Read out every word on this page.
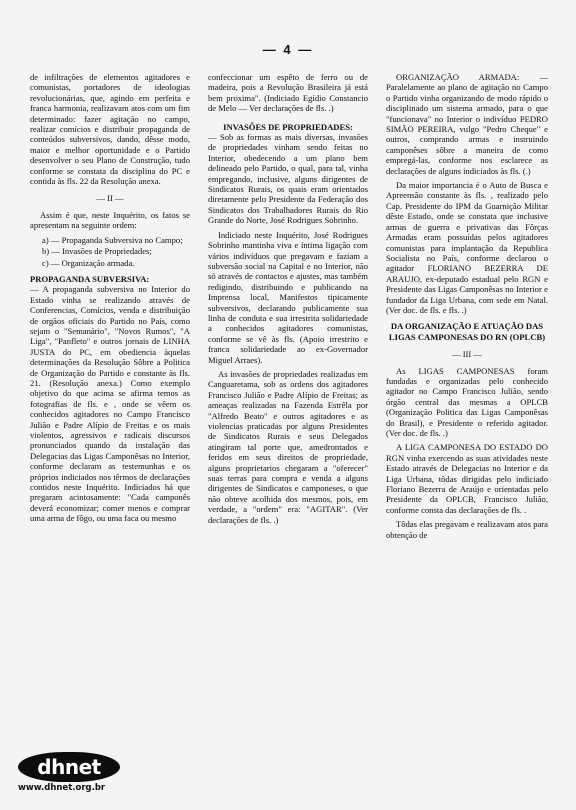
— 4 —

de infiltrações de elementos agitadores e comunistas, portadores de ideologias revolucionárias, que, agindo em perfeita e franca harmonia, realizavam atos com um fim determinado: fazer agitação no campo, realizar comícios e distribuir propaganda de conteúdos subversivos, dando, dêsse modo, maior e melhor oportunidade e o Partido desenvolver o seu Plano de Construção, tudo conforme se constata da disciplina do PC e contida às fls. 22 da Resolução anexa.

— II —

Assim é que, neste Inquérito, os fatos se apresentam na seguinte ordem:

a) — Propaganda Subversiva no Campo;
b) — Invasões de Propriedades;
c) — Organização armada.
PROPAGANDA SUBVERSIVA:

— A propaganda subversiva no Interior do Estado vinha se realizando através de Conferencias, Comícios, venda e distribuição de orgãos oficiais do Partido no País, como sejam o "Semanário", "Novos Rumos", "A Liga", "Panfleto" e outros jornais de LINHA JUSTA do PC, em obediencia àquelas determinações da Resolução Sôbre a Politica de Organização do Partido e constante às fls. 21. (Resolução anexa.) Como exemplo objetivo do que acima se afirma temos as fotografias de fls. e , onde se vêem os conhecidos agitadores no Campo Francisco Julião e Padre Alípio de Freitas e os mais violentos, agressivos e radicais discursos pronunciados quando da instalação das Delegacias das Ligas Camponêsas no Interior, conforme declaram as testemunhas e os próprios indiciados nos têrmos de declarações contidos neste Inquérito. Indiciados há que pregaram acintosamente: "Cada camponês deverá economizar; comer menos e comprar uma arma de fôgo, ou uma faca ou mesmo

confeccionar um espêto de ferro ou de madeira, pois a Revolução Brasileira já está bem proxima". (Indiciado Egídio Constancio de Melo — Ver declarações de fls. .)

INVASÕES DE PROPRIEDADES:

— Sob as formas as mais diversas, invasões de propriedades vinham sendo feitas no Interior, obedecendo a um plano bem delineado pelo Partido, o qual, para tal, vinha empregando, inclusive, alguns dirigentes de Sindicatos Rurais, os quais eram orientados diretamente pelo Presidente da Federação dos Sindicatos dos Trabalhadores Rurais do Rio Grande do Norte, José Rodrigues Sobrinho.

Indiciado neste Inquérito, José Rodrigues Sobrinho mantinha viva e íntima ligação com vários indivíduos que pregavam e faziam a subversão social na Capital e no Interior, não só através de contactos e ajustes, mas também redigindo, distribuindo e publicando na Imprensa local, Manifestos tipicamente subversivos, declarando publicamente sua linha de conduta e sua irrestrita solidariedade a conhecidos agitadores comunistas, conforme se vê às fls. (Apoio irrestrito e franca solidariedade ao ex-Governador Miguel Arraes).

As invasões de propriedades realizadas em Canguaretama, sob as ordens dos agitadores Francisco Julião e Padre Alípio de Freitas; as ameaças realizadas na Fazenda Estrêla por "Alfredo Beato" e outros agitadores e as violencias praticadas por alguns Presidentes de Sindicatos Rurais e seus Delegados atingiram tal porte que, amedrontados e feridos em seus direitos de propriedade, alguns proprietarios chegaram a "oferecer" suas terras para compra e venda a alguns dirigentes de Sindicatos e camponeses, o que não obteve acolhida dos mesmos, pois, em verdade, a "ordem" era: "AGITAR". (Ver declarações de fls. .)

ORGANIZAÇÃO ARMADA: — Paralelamente ao plano de agitação no Campo o Partido vinha organizando de modo rápido o disciplinado um sistema armado, para o que "funcionava" no Interior o indivíduo PEDRO SIMÃO PEREIRA, vulgo "Pedro Cheque" e outros, comprando armas e instruindo camponêses sôbre a maneira de como empregá-las, conforme nos esclarece as declarações de alguns indiciados às fls. (.)

Da maior importancia é o Auto de Busca e Apreensão constante às fls. , realizado pelo Cap. Presidente do IPM da Guarnição Militar dêste Estado, onde se constata que inclusive armas de guerra e privativas das Fôrças Armadas eram possuídas pelos agitadores comunistas para implantação da Republica Socialista no País, conforme declarou o agitador FLORIANO BEZERRA DE ARAUJO, ex-deputado estadual pelo RGN e Presidente das Ligas Camponêsas no Interior e fundador da Liga Urbana, com sede em Natal. (Ver doc. de fls. e fls. .)

DA ORGANIZAÇÃO E ATUAÇÃO DAS LIGAS CAMPONESAS DO RN (OPLCB)
— III —

As LIGAS CAMPONESAS foram fundadas e organizadas pelo conhecido agitador no Campo Francisco Julião, sendo órgão central das mesmas a OPLCB (Organização Politica das Ligas Camponêsas do Brasil), e Presidente o referido agitador. (Ver doc. de fls. .)

A LIGA CAMPONESA DO ESTADO DO RGN vinha exercendo as suas atividades neste Estado através de Delegacias no Interior e da Liga Urbana, tôdas dirigidas pelo indiciado Floriano Bezerra de Araújo e orientadas pelo Presidente da OPLCB, Francisco Julião, conforme consta das declarações de fls. .

Tôdas elas pregavam e realizavam atos para obtenção de

dhnet
www.dhnet.org.br
